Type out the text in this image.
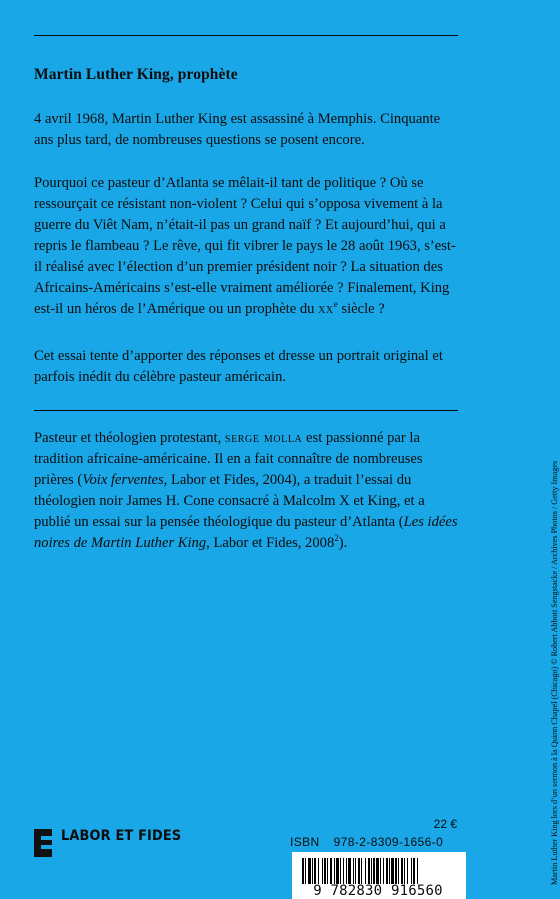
Martin Luther King, prophète

4 avril 1968, Martin Luther King est assassiné à Memphis. Cinquante ans plus tard, de nombreuses questions se posent encore.

Pourquoi ce pasteur d’Atlanta se mêlait-il tant de politique ? Où se ressourçait ce résistant non-violent ? Celui qui s’opposa vivement à la guerre du Viêt Nam, n’était-il pas un grand naïf ? Et aujourd’hui, qui a repris le flambeau ? Le rêve, qui fit vibrer le pays le 28 août 1963, s’est-il réalisé avec l’élection d’un premier président noir ? La situation des Africains-Américains s’est-elle vraiment améliorée ? Finalement, King est-il un héros de l’Amérique ou un prophète du $xx^e$ siècle ?

Cet essai tente d’apporter des réponses et dresse un portrait original et parfois inédit du célèbre pasteur américain.

Pasteur et théologien protestant, serge molla est passionné par la tradition africaine-américaine. Il en a fait connaître de nombreuses prières (Voix ferventes, Labor et Fides, 2004), a traduit l’essai du théologien noir James H. Cone consacré à Malcolm X et King, et a publié un essai sur la pensée théologique du pasteur d’Atlanta (Les idées noires de Martin Luther King, Labor et Fides, 2008$^2$).

22 €
ISBN 978-2-8309-1656-0
9 782830 916560
LABOR ET FIDES	Martin Luther King lors d’un sermon à la Quinn Chapel (Chicago) © Robert Abbott Sengstacke / Archives Photos / Getty Images
